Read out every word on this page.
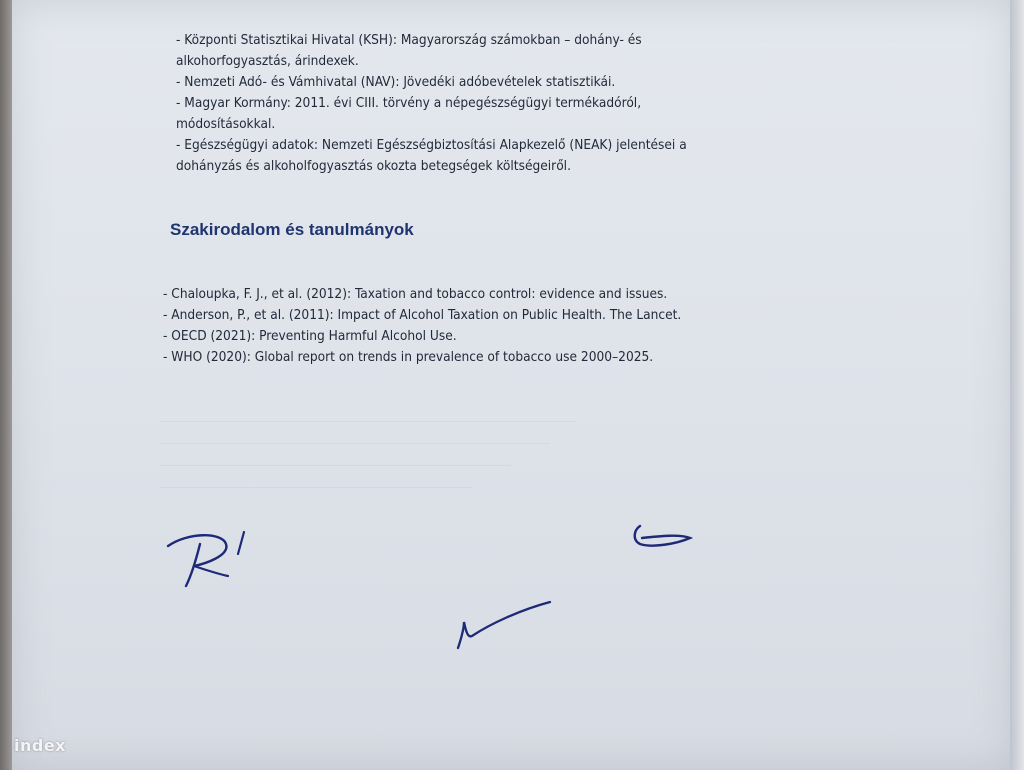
- Központi Statisztikai Hivatal (KSH): Magyarország számokban – dohány- és
alkohorfogyasztás, árindexek.
- Nemzeti Adó- és Vámhivatal (NAV): Jövedéki adóbevételek statisztikái.
- Magyar Kormány: 2011. évi CIII. törvény a népegészségügyi termékadóról,
módosításokkal.
- Egészségügyi adatok: Nemzeti Egészségbiztosítási Alapkezelő (NEAK) jelentései a
dohányzás és alkoholfogyasztás okozta betegségek költségeiről.
Szakirodalom és tanulmányok
- Chaloupka, F. J., et al. (2012): Taxation and tobacco control: evidence and issues.
- Anderson, P., et al. (2011): Impact of Alcohol Taxation on Public Health. The Lancet.
- OECD (2021): Preventing Harmful Alcohol Use.
- WHO (2020): Global report on trends in prevalence of tobacco use 2000–2025.
————————————————————————————————
——————————————————————————————
———————————————————————————
————————————————————————
index
